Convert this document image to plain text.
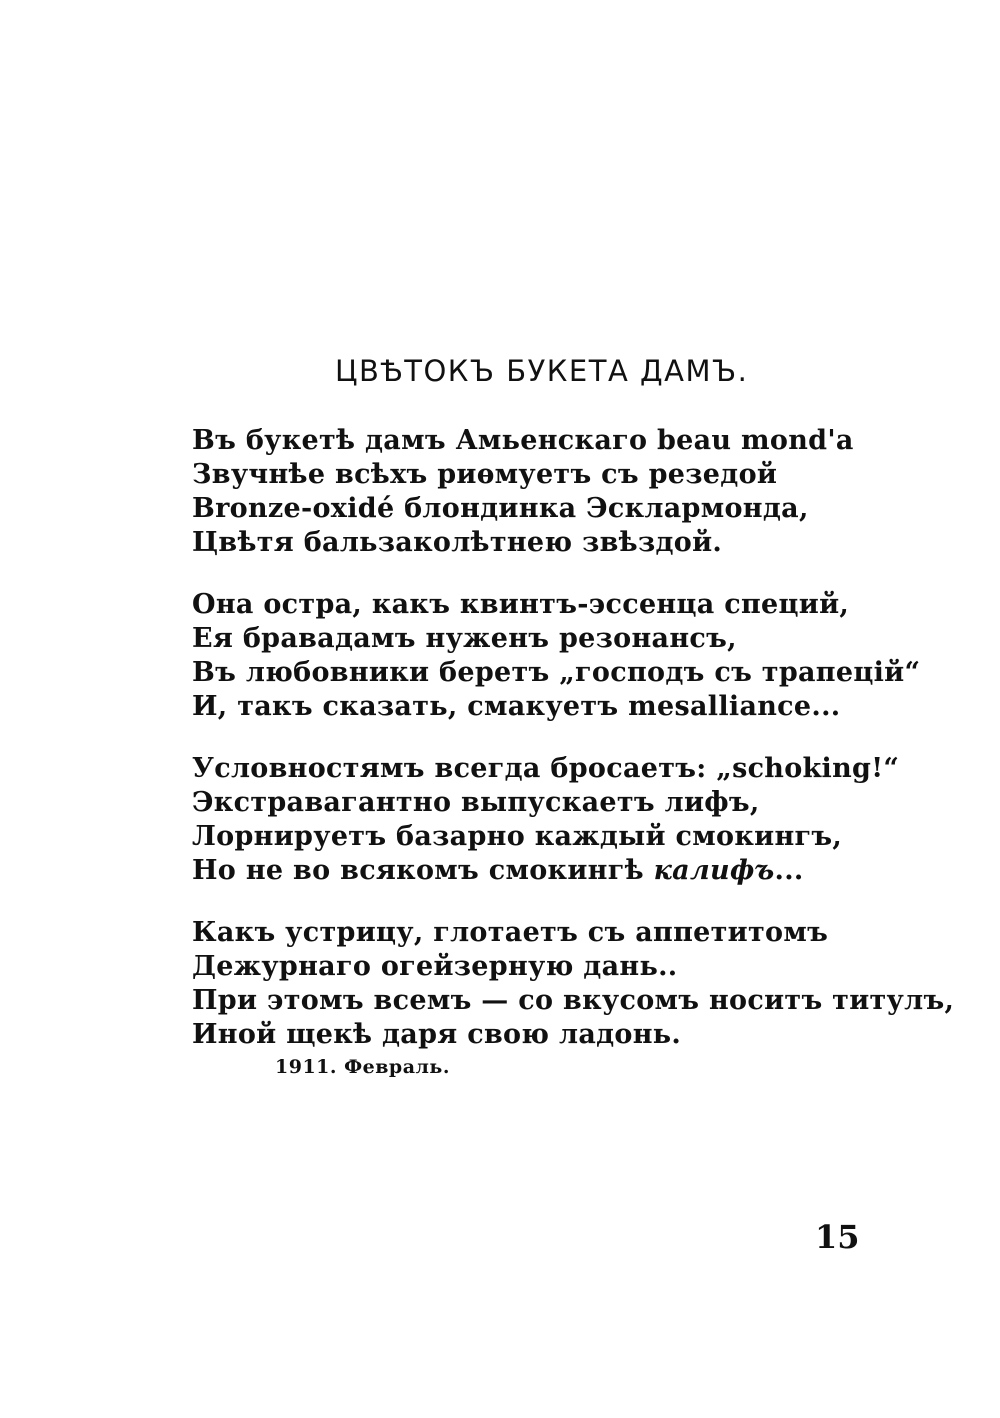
ЦВѢТОКЪ БУКЕТА ДАМЪ.
Въ букетѣ дамъ Амьенскаго beau mond'a
Звучнѣе всѣхъ риѳмуетъ съ резедой
Bronze-oxidé блондинка Эсклармонда,
Цвѣтя бальзаколѣтнею звѣздой.
Она остра, какъ квинтъ-эссенца специй,
Ея бравадамъ нуженъ резонансъ,
Въ любовники беретъ „господъ съ трапецій“
И, такъ сказать, смакуетъ mesalliance...
Условностямъ всегда бросаетъ: „schoking!“
Экстравагантно выпускаетъ лифъ,
Лорнируетъ базарно каждый смокингъ,
Но не во всякомъ смокингѣ калифъ...
Какъ устрицу, глотаетъ съ аппетитомъ
Дежурнаго огейзерную дань..
При этомъ всемъ — со вкусомъ носитъ титулъ,
Иной щекѣ даря свою ладонь.
1911. Февраль.
15
